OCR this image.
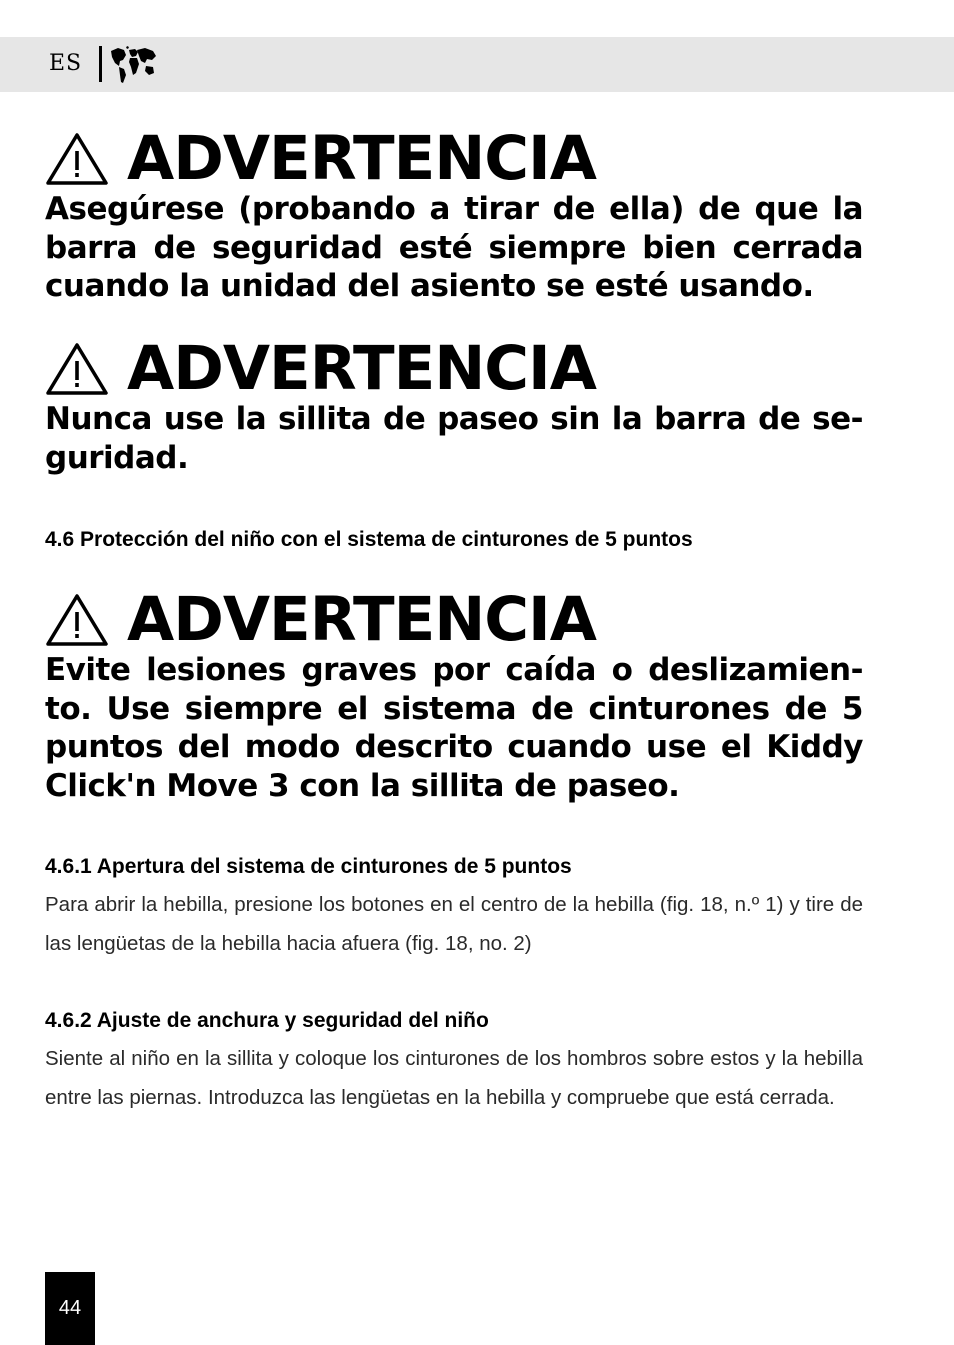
ES
ADVERTENCIA
Asegúrese (probando a tirar de ella) de que la barra de seguridad esté siempre bien cerrada cuando la unidad del asiento se esté usando.
ADVERTENCIA
Nunca use la sillita de paseo sin la barra de se-guridad.
4.6 Protección del niño con el sistema de cinturones de 5 puntos
ADVERTENCIA
Evite lesiones graves por caída o deslizamien-to. Use siempre el sistema de cinturones de 5 puntos del modo descrito cuando use el Kiddy Click'n Move 3 con la sillita de paseo.
4.6.1 Apertura del sistema de cinturones de 5 puntos
Para abrir la hebilla, presione los botones en el centro de la hebilla (fig. 18, n.º 1) y tire de las lengüetas de la hebilla hacia afuera (fig. 18, no. 2)
4.6.2 Ajuste de anchura y seguridad del niño
Siente al niño en la sillita y coloque los cinturones de los hombros sobre estos y la hebilla entre las piernas. Introduzca las lengüetas en la hebilla y compruebe que está cerrada.
44
